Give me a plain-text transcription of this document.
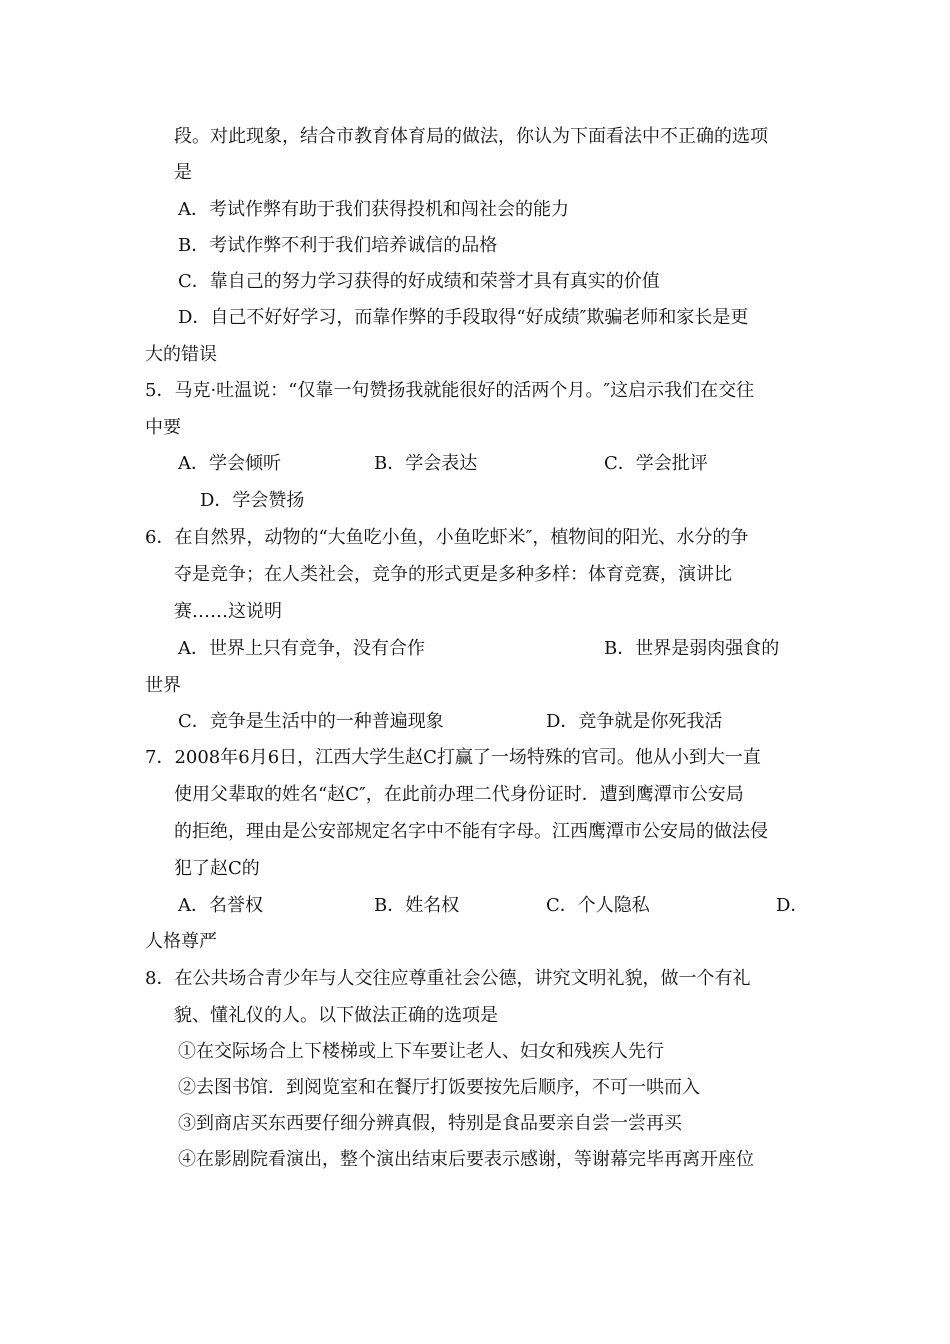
段。对此现象，结合市教育体育局的做法，你认为下面看法中不正确的选项
是
A．考试作弊有助于我们获得投机和闯社会的能力
B．考试作弊不利于我们培养诚信的品格
C．靠自己的努力学习获得的好成绩和荣誉才具有真实的价值
D．自己不好好学习，而靠作弊的手段取得“好成绩″欺骗老师和家长是更
大的错误
5．马克·吐温说：“仅靠一句赞扬我就能很好的活两个月。″这启示我们在交往
中要
A．学会倾听	B．学会表达	C．学会批评
D．学会赞扬
6．在自然界，动物的“大鱼吃小鱼，小鱼吃虾米″，植物间的阳光、水分的争
夺是竞争；在人类社会，竞争的形式更是多种多样：体育竞赛，演讲比
赛……这说明
A．世界上只有竞争，没有合作	B．世界是弱肉强食的
世界
C．竞争是生活中的一种普遍现象	D．竞争就是你死我活
7．2008年6月6日，江西大学生赵C打赢了一场特殊的官司。他从小到大一直
使用父辈取的姓名“赵C″，在此前办理二代身份证时．遭到鹰潭市公安局
的拒绝，理由是公安部规定名字中不能有字母。江西鹰潭市公安局的做法侵
犯了赵C的
A．名誉权	B．姓名权	C．个人隐私	D．
人格尊严
8．在公共场合青少年与人交往应尊重社会公德，讲究文明礼貌，做一个有礼
貌、懂礼仪的人。以下做法正确的选项是
①在交际场合上下楼梯或上下车要让老人、妇女和残疾人先行
②去图书馆．到阅览室和在餐厅打饭要按先后顺序，不可一哄而入
③到商店买东西要仔细分辨真假，特别是食品要亲自尝一尝再买
④在影剧院看演出，整个演出结束后要表示感谢，等谢幕完毕再离开座位
